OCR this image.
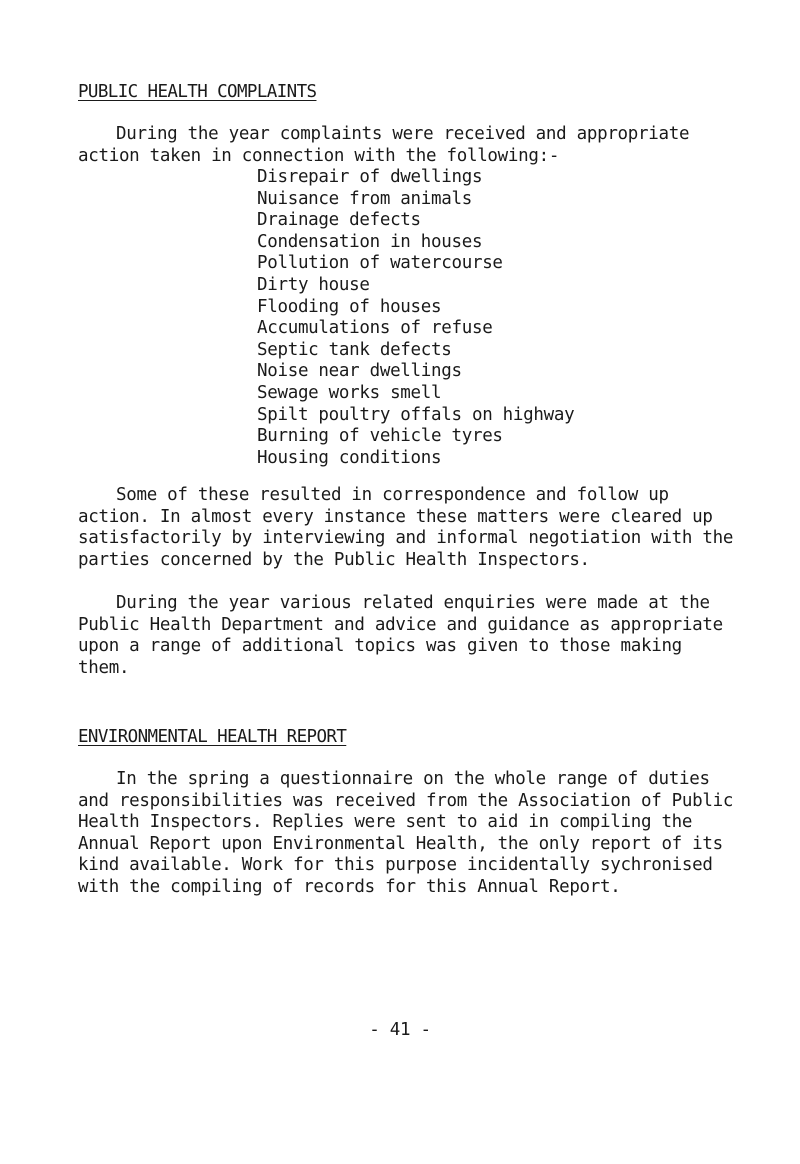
PUBLIC HEALTH COMPLAINTS
During the year complaints were received and appropriate
action taken in connection with the following:-
Disrepair of dwellings
Nuisance from animals
Drainage defects
Condensation in houses
Pollution of watercourse
Dirty house
Flooding of houses
Accumulations of refuse
Septic tank defects
Noise near dwellings
Sewage works smell
Spilt poultry offals on highway
Burning of vehicle tyres
Housing conditions
Some of these resulted in correspondence and follow up
action. In almost every instance these matters were cleared up
satisfactorily by interviewing and informal negotiation with the
parties concerned by the Public Health Inspectors.
During the year various related enquiries were made at the
Public Health Department and advice and guidance as appropriate
upon a range of additional topics was given to those making
them.
ENVIRONMENTAL HEALTH REPORT
In the spring a questionnaire on the whole range of duties
and responsibilities was received from the Association of Public
Health Inspectors. Replies were sent to aid in compiling the
Annual Report upon Environmental Health, the only report of its
kind available. Work for this purpose incidentally sychronised
with the compiling of records for this Annual Report.

- 41 -
